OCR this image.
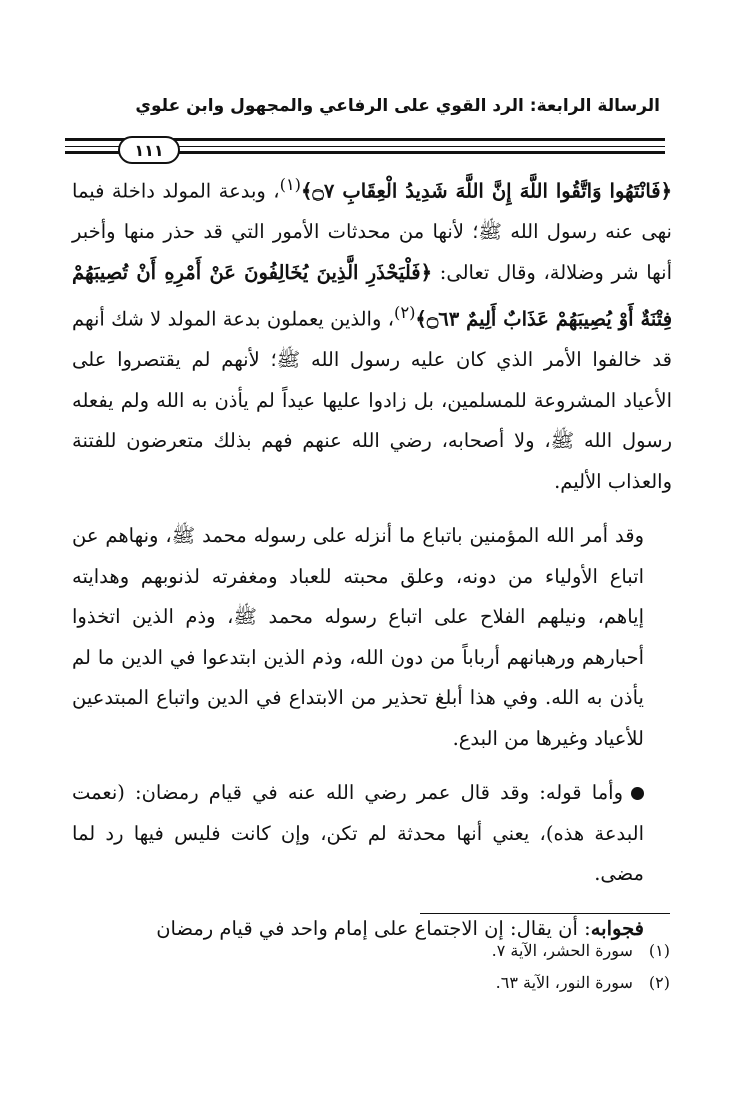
الرسالة الرابعة: الرد القوي على الرفاعي والمجهول وابن علوي
١١١

﴿فَانْتَهُوا وَاتَّقُوا اللَّهَ إِنَّ اللَّهَ شَدِيدُ الْعِقَابِ ۝٧﴾$^{(١)}$، وبدعة المولد داخلة فيما نهى عنه رسول الله ﷺ؛ لأنها من محدثات الأمور التي قد حذر منها وأخبر أنها شر وضلالة، وقال تعالى: ﴿فَلْيَحْذَرِ الَّذِينَ يُخَالِفُونَ عَنْ أَمْرِهِ أَنْ تُصِيبَهُمْ فِتْنَةٌ أَوْ يُصِيبَهُمْ عَذَابٌ أَلِيمٌ ۝٦٣﴾$^{(٢)}$، والذين يعملون بدعة المولد لا شك أنهم قد خالفوا الأمر الذي كان عليه رسول الله ﷺ؛ لأنهم لم يقتصروا على الأعياد المشروعة للمسلمين، بل زادوا عليها عيداً لم يأذن به الله ولم يفعله رسول الله ﷺ، ولا أصحابه، رضي الله عنهم فهم بذلك متعرضون للفتنة والعذاب الأليم.

وقد أمر الله المؤمنين باتباع ما أنزله على رسوله محمد ﷺ، ونهاهم عن اتباع الأولياء من دونه، وعلق محبته للعباد ومغفرته لذنوبهم وهدايته إياهم، ونيلهم الفلاح على اتباع رسوله محمد ﷺ، وذم الذين اتخذوا أحبارهم ورهبانهم أرباباً من دون الله، وذم الذين ابتدعوا في الدين ما لم يأذن به الله. وفي هذا أبلغ تحذير من الابتداع في الدين واتباع المبتدعين للأعياد وغيرها من البدع.

وأما قوله: وقد قال عمر رضي الله عنه في قيام رمضان: (نعمت البدعة هذه)، يعني أنها محدثة لم تكن، وإن كانت فليس فيها رد لما مضى.

فجوابه: أن يقال: إن الاجتماع على إمام واحد في قيام رمضان

(١) سورة الحشر، الآية ٧.
(٢) سورة النور، الآية ٦٣.
